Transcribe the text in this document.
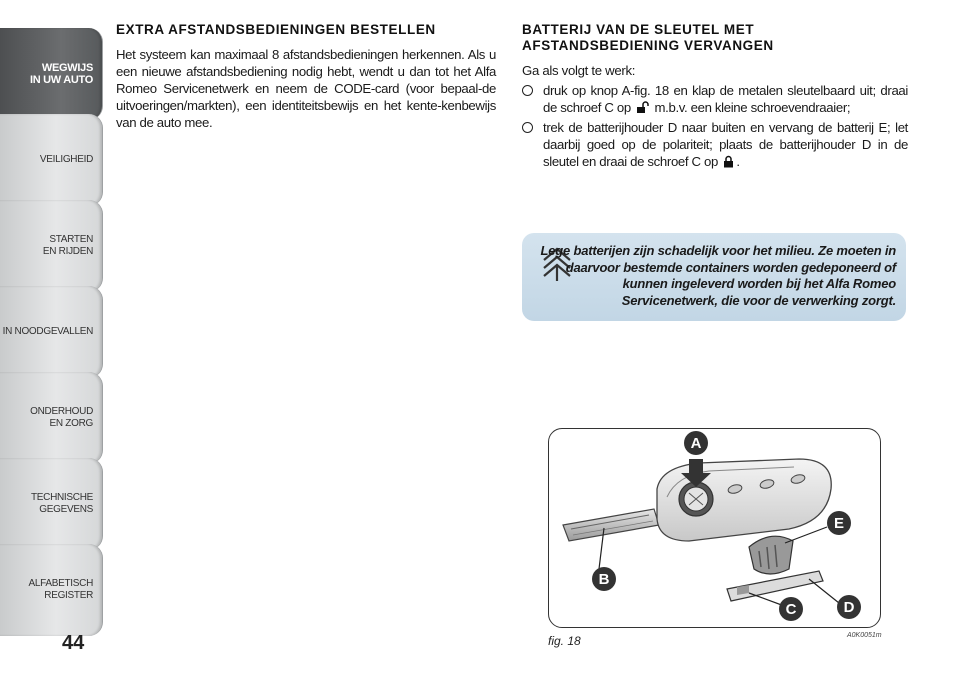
WEGWIJS
IN UW AUTO
VEILIGHEID
STARTEN
EN RIJDEN
IN NOODGEVALLEN
ONDERHOUD
EN ZORG
TECHNISCHE
GEGEVENS
ALFABETISCH
REGISTER
44
EXTRA AFSTANDSBEDIENINGEN BESTELLEN

Het systeem kan maximaal 8 afstandsbedieningen herkennen. Als u een nieuwe afstandsbediening nodig hebt, wendt u dan tot het Alfa Romeo Servicenetwerk en neem de CODE-card (voor bepaal-de uitvoeringen/markten), een identiteitsbewijs en het kente-kenbewijs van de auto mee.

BATTERIJ VAN DE SLEUTEL MET AFSTANDSBEDIENING VERVANGEN

Ga als volgt te werk:

druk op knop A-fig. 18 en klap de metalen sleutelbaard uit; draai de schroef C op m.b.v. een kleine schroevendraaier;
trek de batterijhouder D naar buiten en vervang de batterij E; let daarbij goed op de polariteit; plaats de batterijhouder D in de sleutel en draai de schroef C op .

Lege batterijen zijn schadelijk voor het milieu. Ze moeten in daarvoor bestemde containers worden gedeponeerd of kunnen ingeleverd worden bij het Alfa Romeo Servicenetwerk, die voor de verwerking zorgt.

A
B
E
C	D
fig. 18	A0K0051m
